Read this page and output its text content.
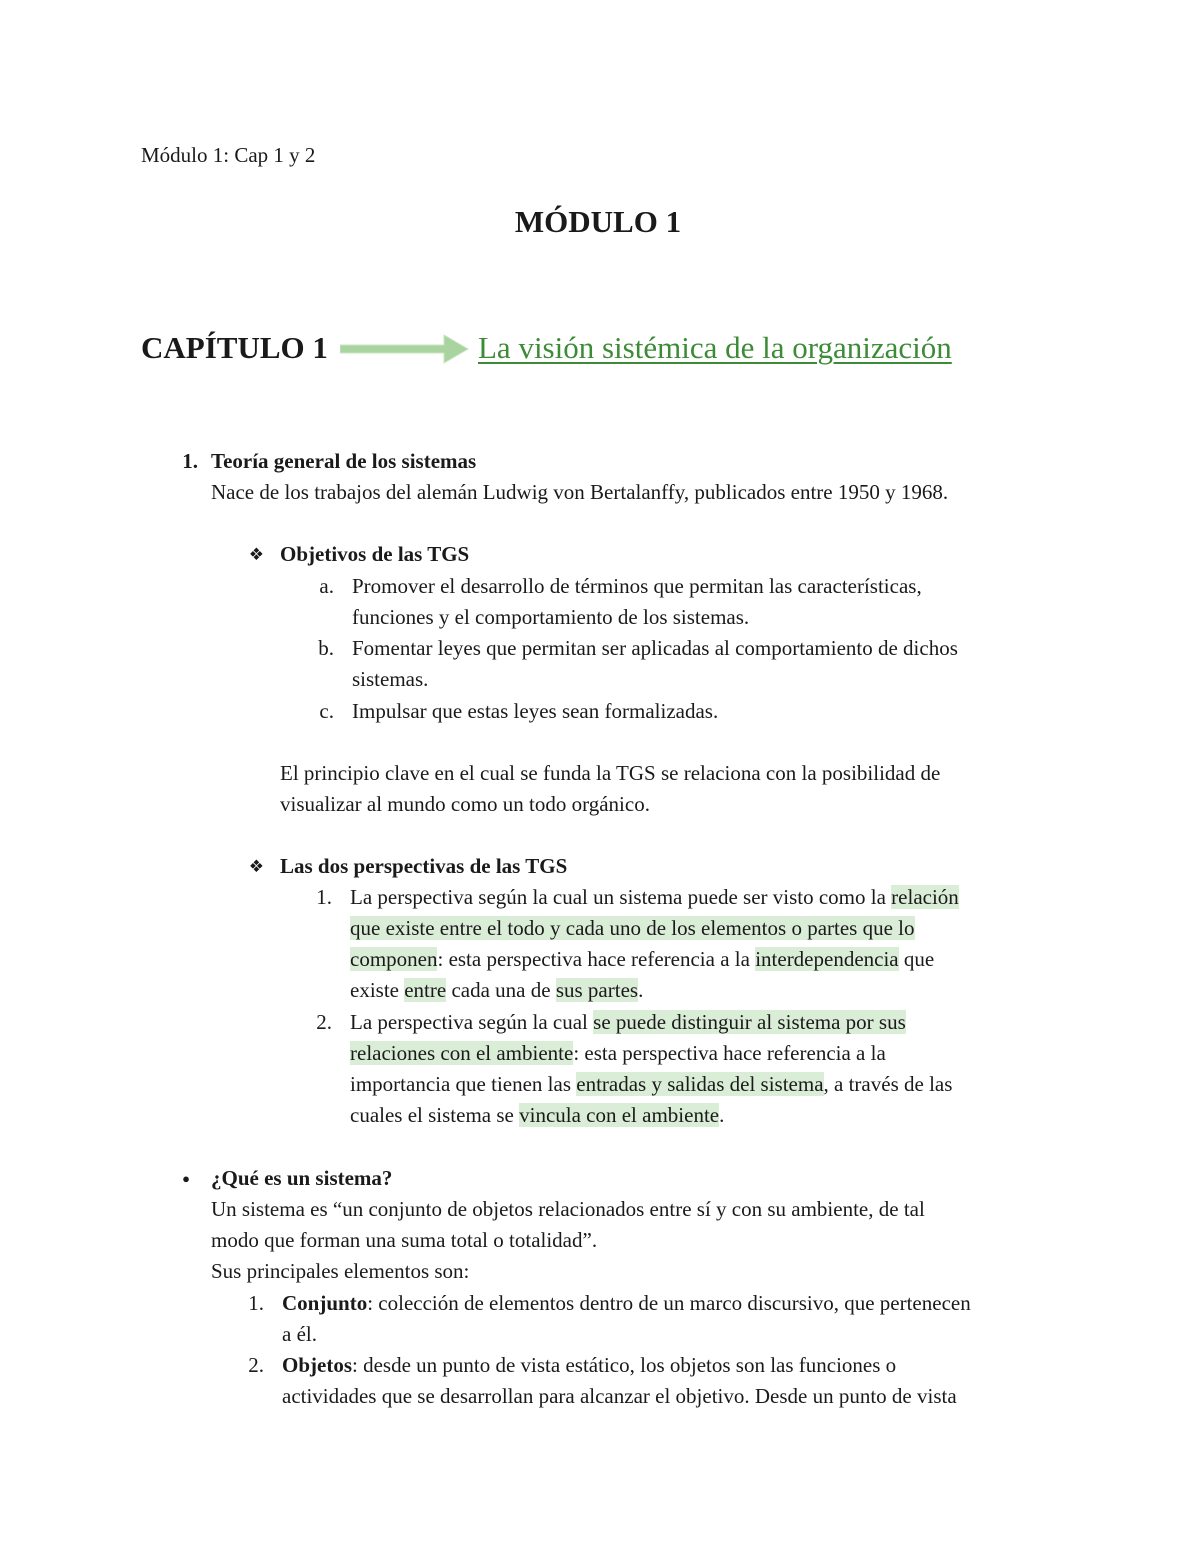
Módulo 1: Cap 1 y 2
MÓDULO 1
CAPÍTULO 1	La visión sistémica de la organización
1. Teoría general de los sistemas
Nace de los trabajos del alemán Ludwig von Bertalanffy, publicados entre 1950 y 1968.
❖ Objetivos de las TGS
a. Promover el desarrollo de términos que permitan las características,
funciones y el comportamiento de los sistemas.
b. Fomentar leyes que permitan ser aplicadas al comportamiento de dichos
sistemas.
c. Impulsar que estas leyes sean formalizadas.
El principio clave en el cual se funda la TGS se relaciona con la posibilidad de
visualizar al mundo como un todo orgánico.
❖ Las dos perspectivas de las TGS
1. La perspectiva según la cual un sistema puede ser visto como la relación
que existe entre el todo y cada uno de los elementos o partes que lo
componen: esta perspectiva hace referencia a la interdependencia que
existe entre cada una de sus partes.
2. La perspectiva según la cual se puede distinguir al sistema por sus
relaciones con el ambiente: esta perspectiva hace referencia a la
importancia que tienen las entradas y salidas del sistema, a través de las
cuales el sistema se vincula con el ambiente.
● ¿Qué es un sistema?
Un sistema es “un conjunto de objetos relacionados entre sí y con su ambiente, de tal
modo que forman una suma total o totalidad”.
Sus principales elementos son:
1. Conjunto: colección de elementos dentro de un marco discursivo, que pertenecen
a él.
2. Objetos: desde un punto de vista estático, los objetos son las funciones o
actividades que se desarrollan para alcanzar el objetivo. Desde un punto de vista
